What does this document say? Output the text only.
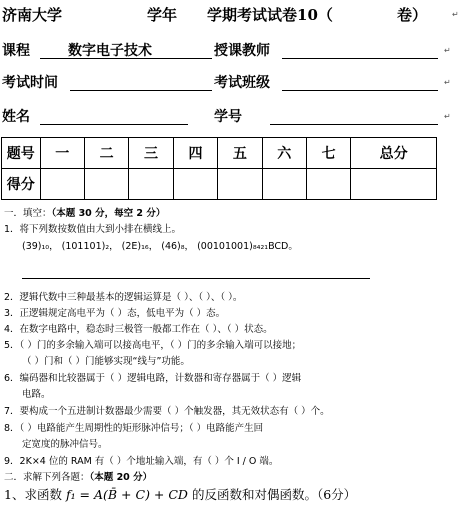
济南大学	学年 学期考试试卷10（	卷）	↵
课程	数字电子技术	授课教师	↵
考试时间	考试班级	↵
姓名	学号	↵
题号	一	二	三	四	五	六	七	总分
得分								
一．填空：（本题 30 分，每空 2 分）
1．将下列数按数值由大到小排在横线上。
(39)₁₀， (101101)₂， (2E)₁₆， (46)₈， (00101001)₈₄₂₁BCD。
2．逻辑代数中三种最基本的逻辑运算是（ ）、（ ）、（ ）。
3．正逻辑规定高电平为（ ）态，低电平为（ ）态。
4．在数字电路中，稳态时三极管一般都工作在（ ）、（ ）状态。
5．（ ）门的多余输入端可以接高电平，（ ）门的多余输入端可以接地；
（ ）门和（ ）门能够实现“线与”功能。
6．编码器和比较器属于（ ）逻辑电路，计数器和寄存器属于（ ）逻辑
电路。
7．要构成一个五进制计数器最少需要（ ）个触发器，其无效状态有（ ）个。
8．（ ）电路能产生周期性的矩形脉冲信号；（ ）电路能产生回
定宽度的脉冲信号。
9．2K×4 位的 RAM 有（ ）个地址输入端，有（ ）个 I / O 端。
二．求解下列各题：（本题 20 分）
1、求函数 f₁ = A(B̄ + C) + CD 的反函数和对偶函数。（6分）
